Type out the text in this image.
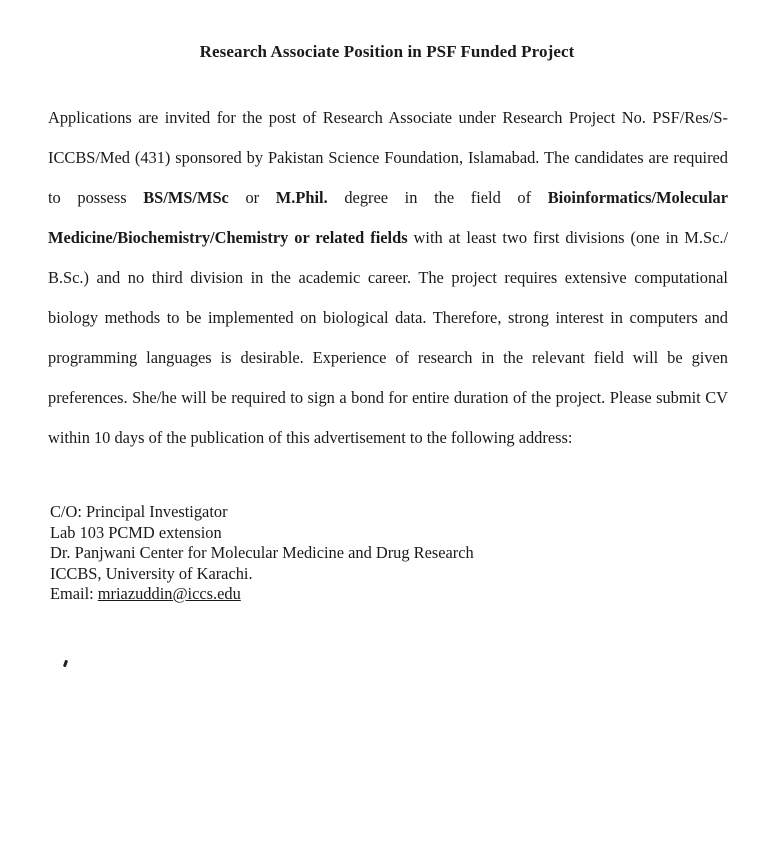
Research Associate Position in PSF Funded Project

Applications are invited for the post of Research Associate under Research Project No. PSF/Res/S-ICCBS/Med (431) sponsored by Pakistan Science Foundation, Islamabad. The candidates are required to possess BS/MS/MSc or M.Phil. degree in the field of Bioinformatics/Molecular Medicine/Biochemistry/Chemistry or related fields with at least two first divisions (one in M.Sc./ B.Sc.) and no third division in the academic career. The project requires extensive computational biology methods to be implemented on biological data. Therefore, strong interest in computers and programming languages is desirable. Experience of research in the relevant field will be given preferences. She/he will be required to sign a bond for entire duration of the project. Please submit CV within 10 days of the publication of this advertisement to the following address:

C/O: Principal Investigator
Lab 103 PCMD extension
Dr. Panjwani Center for Molecular Medicine and Drug Research
ICCBS, University of Karachi.
Email: mriazuddin@iccs.edu
